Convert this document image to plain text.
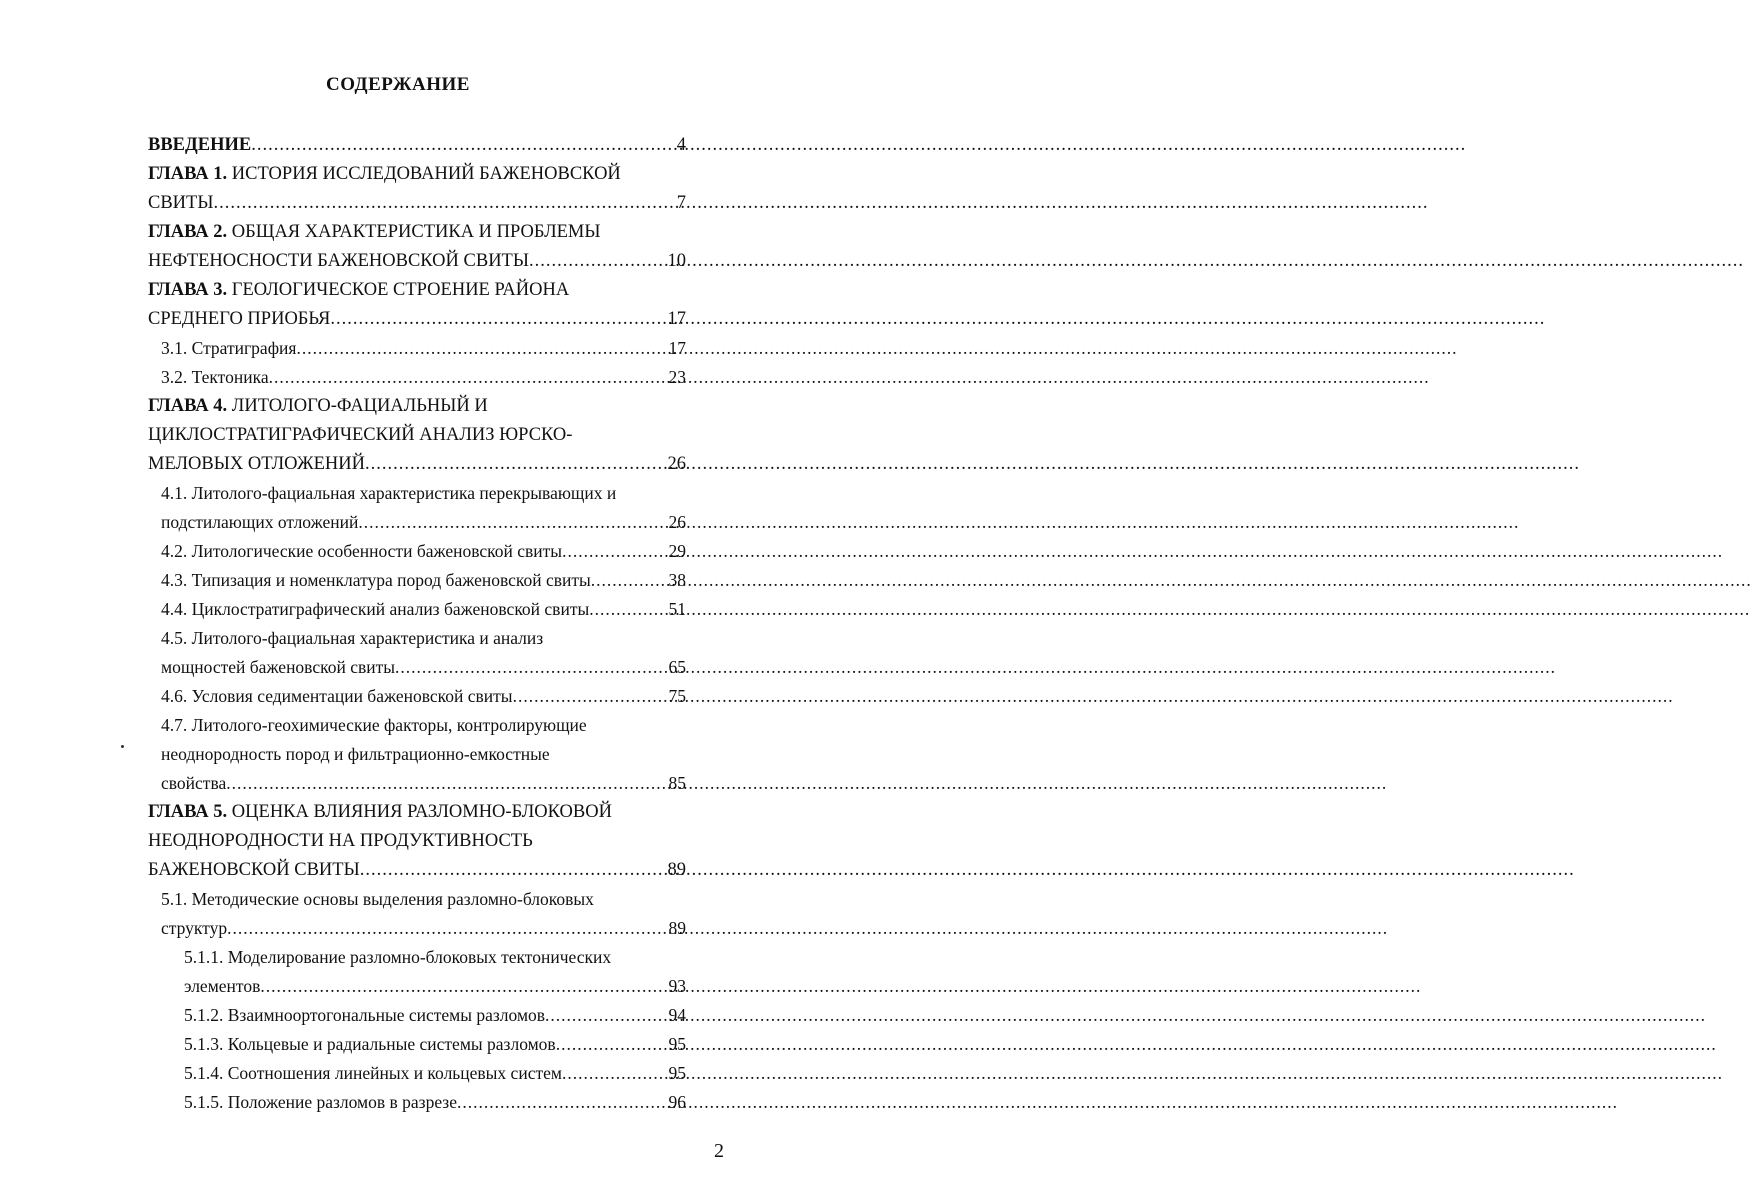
СОДЕРЖАНИЕ
ВВЕДЕНИЕ .....	4
ГЛАВА 1. ИСТОРИЯ ИССЛЕДОВАНИЙ БАЖЕНОВСКОЙ
СВИТЫ .....	7
ГЛАВА 2. ОБЩАЯ ХАРАКТЕРИСТИКА И ПРОБЛЕМЫ
НЕФТЕНОСНОСТИ БАЖЕНОВСКОЙ СВИТЫ .....	10
ГЛАВА 3. ГЕОЛОГИЧЕСКОЕ СТРОЕНИЕ РАЙОНА
СРЕДНЕГО ПРИОБЬЯ .....	17
3.1. Стратиграфия .....	17
3.2. Тектоника .....	23
ГЛАВА 4. ЛИТОЛОГО-ФАЦИАЛЬНЫЙ И
ЦИКЛОСТРАТИГРАФИЧЕСКИЙ АНАЛИЗ ЮРСКО-
МЕЛОВЫХ ОТЛОЖЕНИЙ .....	26
4.1. Литолого-фациальная характеристика перекрывающих и
подстилающих отложений .....	26
4.2. Литологические особенности баженовской свиты .....	29
4.3. Типизация и номенклатура пород баженовской свиты .....	38
4.4. Циклостратиграфический анализ баженовской свиты .....	51
4.5. Литолого-фациальная характеристика и анализ
мощностей баженовской свиты .....	65
4.6. Условия седиментации баженовской свиты .....	75
4.7. Литолого-геохимические факторы, контролирующие
неоднородность пород и фильтрационно-емкостные
свойства .....	85
ГЛАВА 5. ОЦЕНКА ВЛИЯНИЯ РАЗЛОМНО-БЛОКОВОЙ
НЕОДНОРОДНОСТИ НА ПРОДУКТИВНОСТЬ
БАЖЕНОВСКОЙ СВИТЫ .....	89
5.1. Методические основы выделения разломно-блоковых
структур .....	89
5.1.1. Моделирование разломно-блоковых тектонических
элементов .....	93
5.1.2. Взаимноортогональные системы разломов .....	94
5.1.3. Кольцевые и радиальные системы разломов .....	95
5.1.4. Соотношения линейных и кольцевых систем .....	95
5.1.5. Положение разломов в разрезе .....	96
2
